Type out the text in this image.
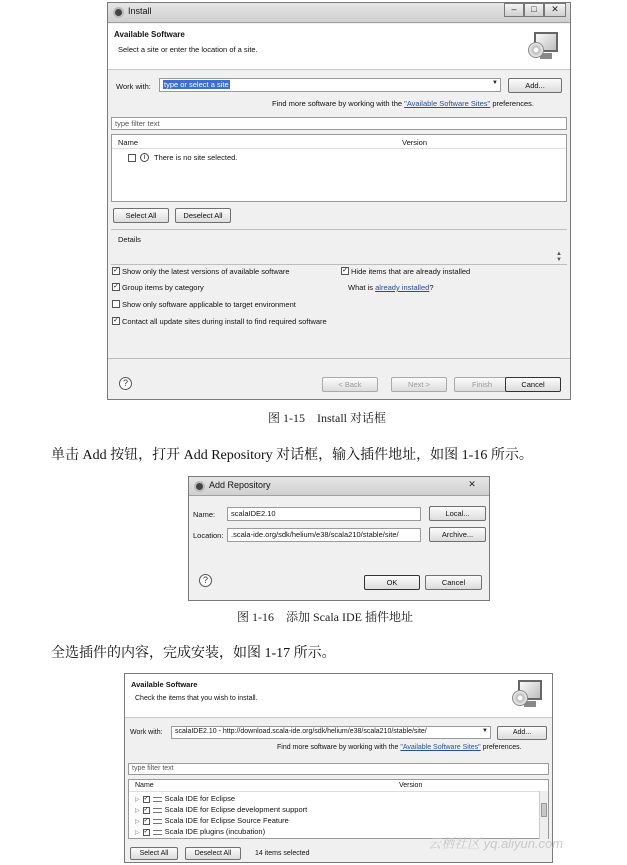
Install	–	□	✕
Available Software
Select a site or enter the location of a site.
Work with:	type or select a site	▼	Add...
Find more software by working with the "Available Software Sites" preferences.
type filter text
Name	Version
i	There is no site selected.
Select All	Deselect All
Details
▲
▼
✓ Show only the latest versions of available software	✓ Hide items that are already installed
✓ Group items by category	What is already installed?
Show only software applicable to target environment
✓ Contact all update sites during install to find required software
?	< Back	Next >	Finish	Cancel
图 1-15　Install 对话框
单击 Add 按钮，打开 Add Repository 对话框，输入插件地址，如图 1-16 所示。
Add Repository	✕
Name:	scalaIDE2.10	Local...
Location:	.scala-ide.org/sdk/helium/e38/scala210/stable/site/	Archive...
?	OK	Cancel
图 1-16　添加 Scala IDE 插件地址
全选插件的内容，完成安装，如图 1-17 所示。
Available Software
Check the items that you wish to install.
Work with:	scalaIDE2.10 - http://download.scala-ide.org/sdk/helium/e38/scala210/stable/site/	▼	Add...
Find more software by working with the "Available Software Sites" preferences.
type filter text
Name	Version
▷ ✓ Scala IDE for Eclipse
▷ ✓ Scala IDE for Eclipse development support
▷ ✓ Scala IDE for Eclipse Source Feature
▷ ✓ Scala IDE plugins (incubation)
Select All	Deselect All	14 items selected
云栖社区 yq.aliyun.com
